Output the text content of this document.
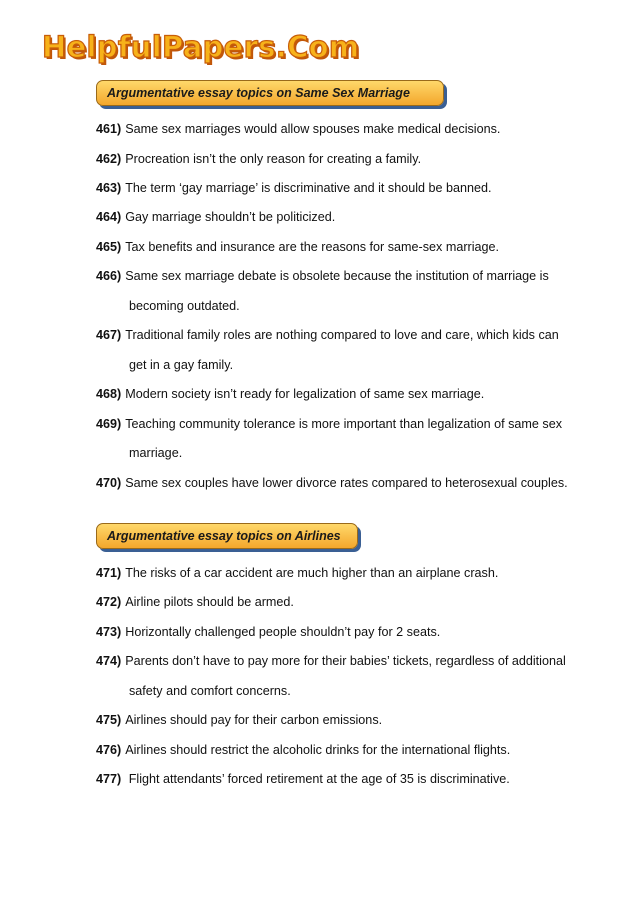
HelpfulPapers.Com
Argumentative essay topics on Same Sex Marriage
461) Same sex marriages would allow spouses make medical decisions.
462) Procreation isn’t the only reason for creating a family.
463) The term ‘gay marriage’ is discriminative and it should be banned.
464) Gay marriage shouldn’t be politicized.
465) Tax benefits and insurance are the reasons for same-sex marriage.
466) Same sex marriage debate is obsolete because the institution of marriage is
becoming outdated.
467) Traditional family roles are nothing compared to love and care, which kids can
get in a gay family.
468) Modern society isn’t ready for legalization of same sex marriage.
469) Teaching community tolerance is more important than legalization of same sex
marriage.
470) Same sex couples have lower divorce rates compared to heterosexual couples.
Argumentative essay topics on Airlines
471) The risks of a car accident are much higher than an airplane crash.
472) Airline pilots should be armed.
473) Horizontally challenged people shouldn’t pay for 2 seats.
474) Parents don’t have to pay more for their babies’ tickets, regardless of additional
safety and comfort concerns.
475) Airlines should pay for their carbon emissions.
476) Airlines should restrict the alcoholic drinks for the international flights.
477) Flight attendants’ forced retirement at the age of 35 is discriminative.
